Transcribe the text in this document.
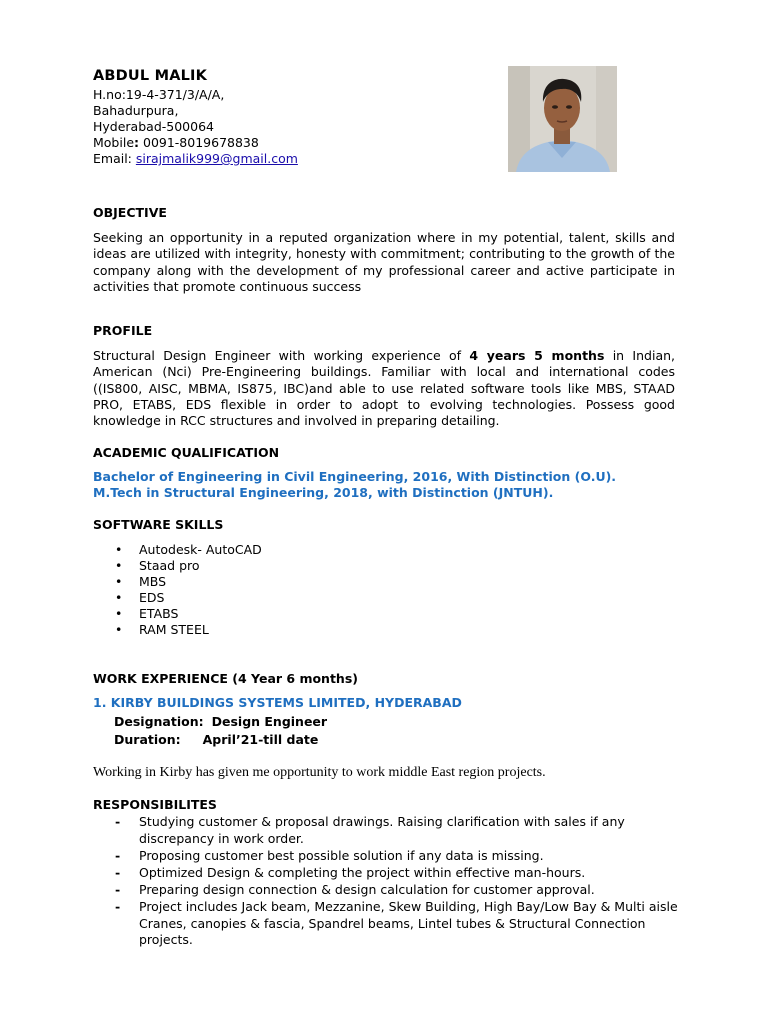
ABDUL MALIK
H.no:19-4-371/3/A/A,
Bahadurpura,
Hyderabad-500064
Mobile: 0091-8019678838
Email: sirajmalik999@gmail.com
OBJECTIVE
Seeking an opportunity in a reputed organization where in my potential, talent, skills and ideas are utilized with integrity, honesty with commitment; contributing to the growth of the company along with the development of my professional career and active participate in activities that promote continuous success
PROFILE
Structural Design Engineer with working experience of 4 years 5 months in Indian, American (Nci) Pre-Engineering buildings. Familiar with local and international codes ((IS800, AISC, MBMA, IS875, IBC)and able to use related software tools like MBS, STAAD PRO, ETABS, EDS flexible in order to adopt to evolving technologies. Possess good knowledge in RCC structures and involved in preparing detailing.
ACADEMIC QUALIFICATION
Bachelor of Engineering in Civil Engineering, 2016, With Distinction (O.U).
M.Tech in Structural Engineering, 2018, with Distinction (JNTUH).
SOFTWARE SKILLS
• Autodesk- AutoCAD
• Staad pro
• MBS
• EDS
• ETABS
• RAM STEEL
WORK EXPERIENCE (4 Year 6 months)
1. KIRBY BUILDINGS SYSTEMS LIMITED, HYDERABAD
Designation: Design Engineer
Duration: April’21-till date
Working in Kirby has given me opportunity to work middle East region projects.
RESPONSIBILITES
- Studying customer & proposal drawings. Raising clarification with sales if any discrepancy in work order.
- Proposing customer best possible solution if any data is missing.
- Optimized Design & completing the project within effective man-hours.
- Preparing design connection & design calculation for customer approval.
- Project includes Jack beam, Mezzanine, Skew Building, High Bay/Low Bay & Multi aisle Cranes, canopies & fascia, Spandrel beams, Lintel tubes & Structural Connection projects.
